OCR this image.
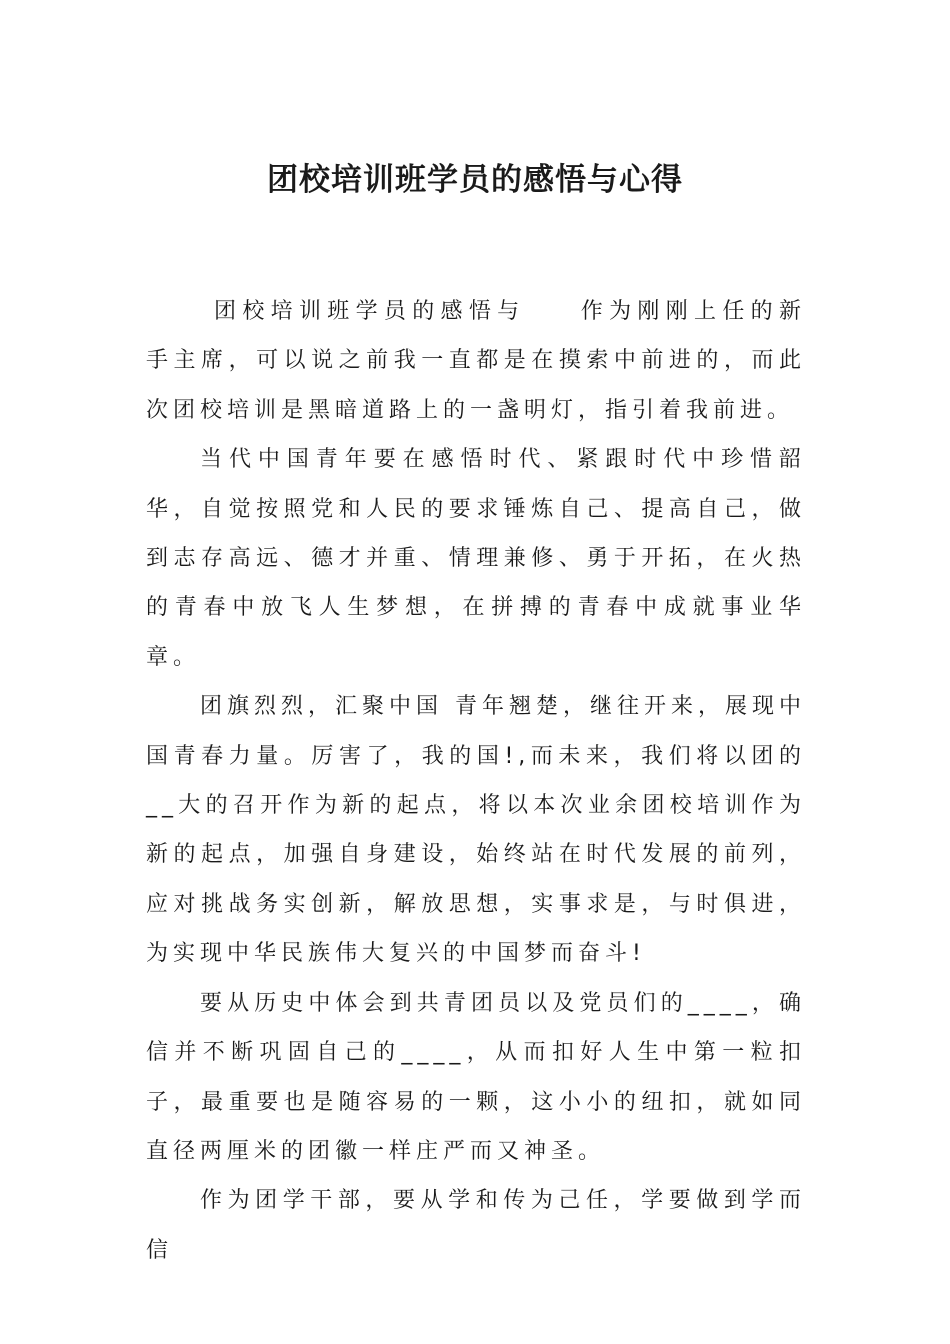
团校培训班学员的感悟与心得

团校培训班学员的感悟与 作为刚刚上任的新手主席，可以说之前我一直都是在摸索中前进的，而此次团校培训是黑暗道路上的一盏明灯，指引着我前进。

当代中国青年要在感悟时代、紧跟时代中珍惜韶华，自觉按照党和人民的要求锤炼自己、提高自己，做到志存高远、德才并重、情理兼修、勇于开拓，在火热的青春中放飞人生梦想，在拼搏的青春中成就事业华章。

团旗烈烈，汇聚中国 青年翘楚，继往开来，展现中国青春力量。厉害了，我的国!,而未来，我们将以团的__大的召开作为新的起点，将以本次业余团校培训作为新的起点，加强自身建设，始终站在时代发展的前列，应对挑战务实创新，解放思想，实事求是，与时俱进，为实现中华民族伟大复兴的中国梦而奋斗!

要从历史中体会到共青团员以及党员们的____，确信并不断巩固自己的____，从而扣好人生中第一粒扣子，最重要也是随容易的一颗，这小小的纽扣，就如同直径两厘米的团徽一样庄严而又神圣。

作为团学干部，要从学和传为己任，学要做到学而信
